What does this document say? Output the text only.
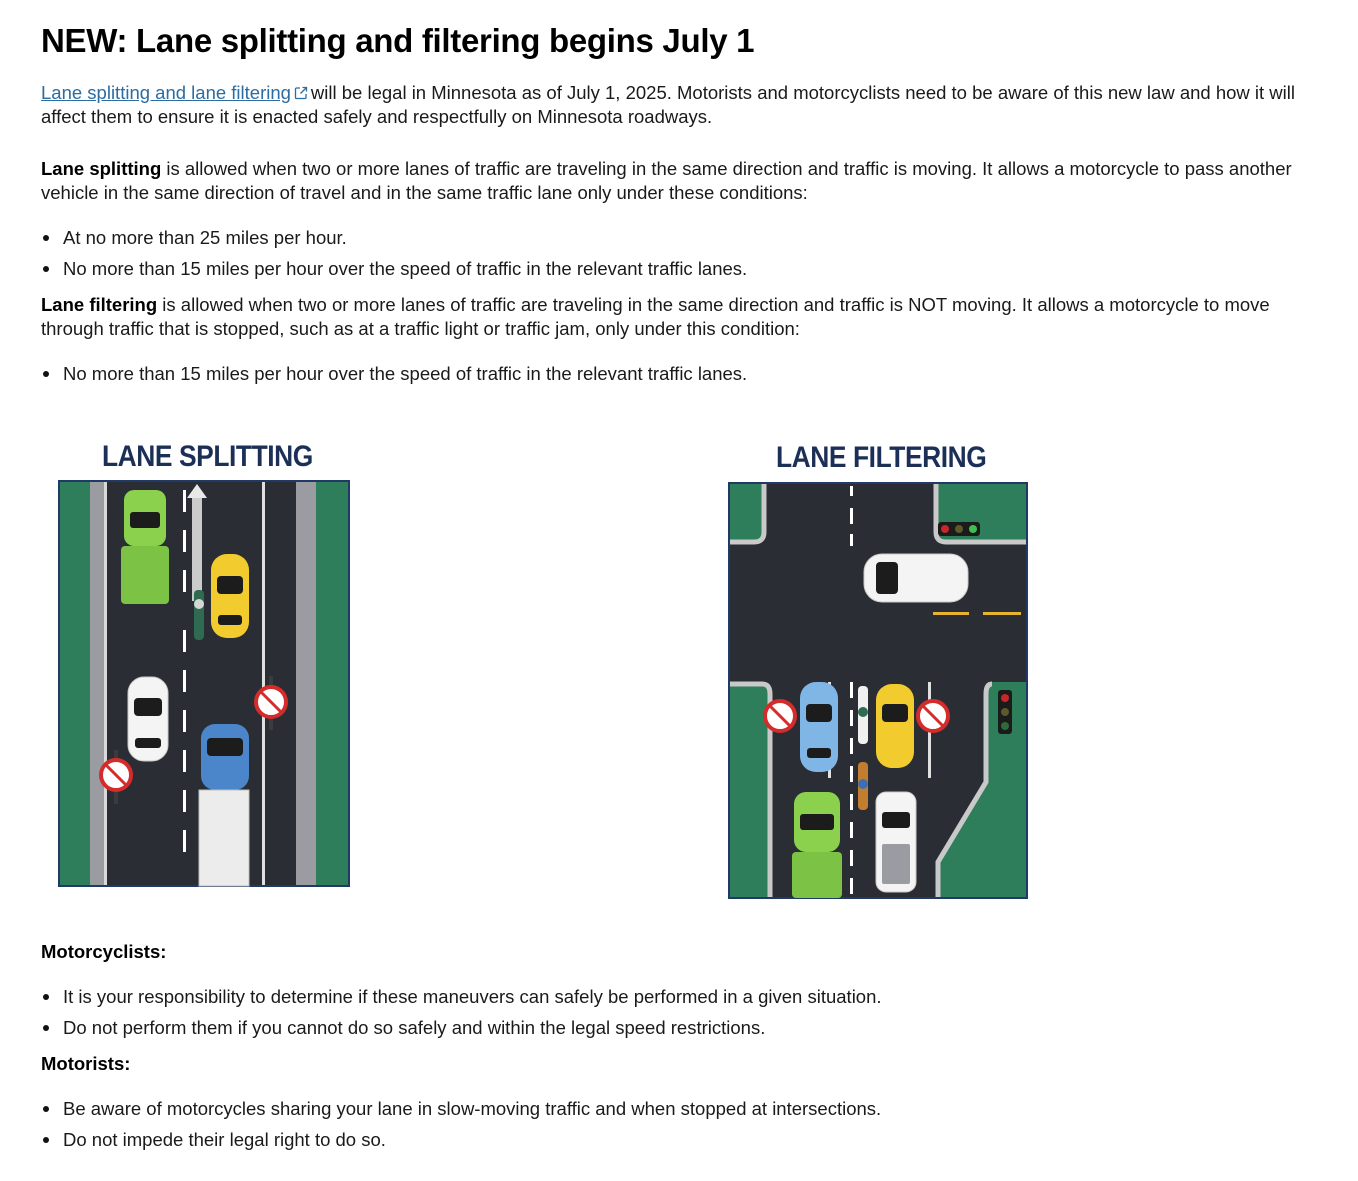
NEW: Lane splitting and filtering begins July 1

Lane splitting and lane filtering will be legal in Minnesota as of July 1, 2025. Motorists and motorcyclists need to be aware of this new law and how it will
affect them to ensure it is enacted safely and respectfully on Minnesota roadways.

Lane splitting is allowed when two or more lanes of traffic are traveling in the same direction and traffic is moving. It allows a motorcycle to pass another
vehicle in the same direction of travel and in the same traffic lane only under these conditions:

At no more than 25 miles per hour.
No more than 15 miles per hour over the speed of traffic in the relevant traffic lanes.

Lane filtering is allowed when two or more lanes of traffic are traveling in the same direction and traffic is NOT moving. It allows a motorcycle to move
through traffic that is stopped, such as at a traffic light or traffic jam, only under this condition:

No more than 15 miles per hour over the speed of traffic in the relevant traffic lanes.
LANE SPLITTING	LANE FILTERING
Motorcyclists:
It is your responsibility to determine if these maneuvers can safely be performed in a given situation.
Do not perform them if you cannot do so safely and within the legal speed restrictions.
Motorists:
Be aware of motorcycles sharing your lane in slow-moving traffic and when stopped at intersections.
Do not impede their legal right to do so.
